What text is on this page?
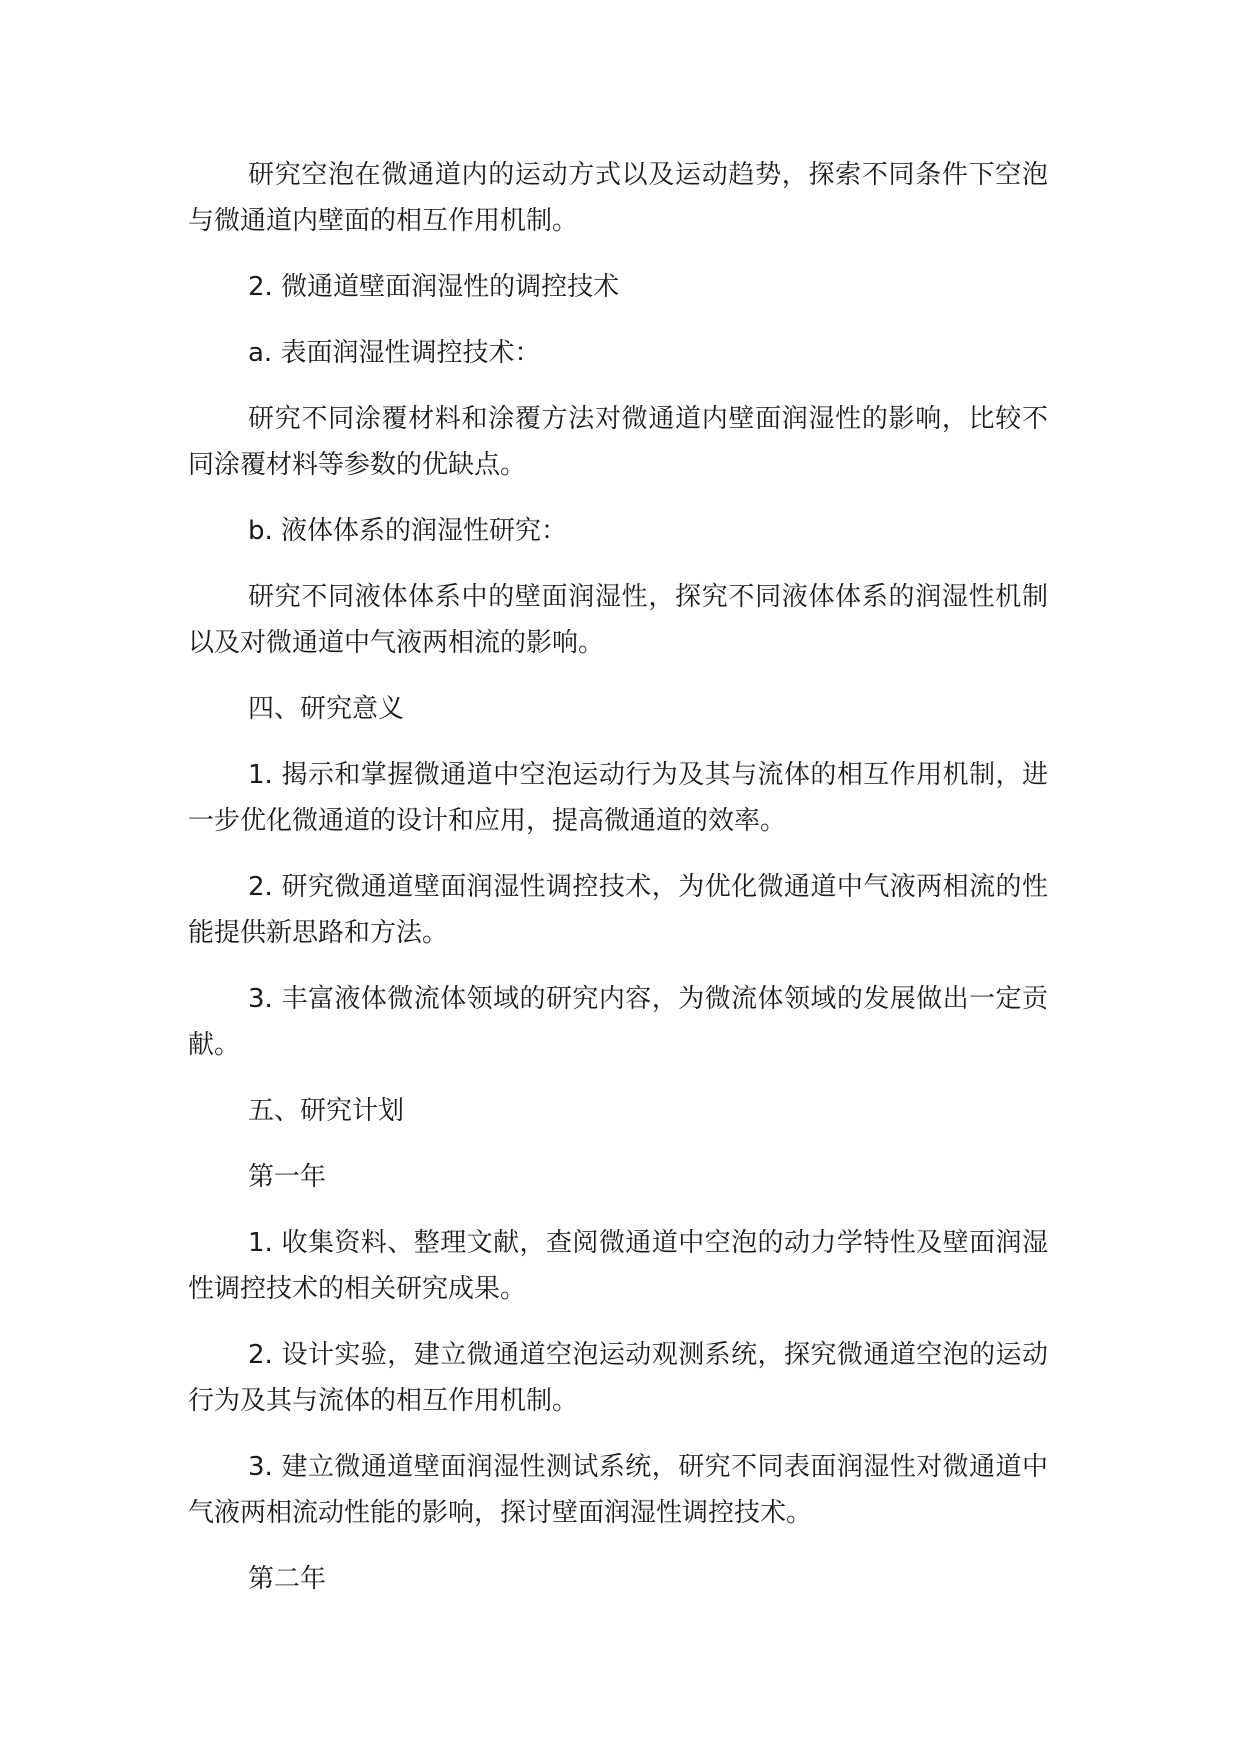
研究空泡在微通道内的运动方式以及运动趋势，探索不同条件下空泡与微通道内壁面的相互作用机制。

2. 微通道壁面润湿性的调控技术

a. 表面润湿性调控技术：

研究不同涂覆材料和涂覆方法对微通道内壁面润湿性的影响，比较不同涂覆材料等参数的优缺点。

b. 液体体系的润湿性研究：

研究不同液体体系中的壁面润湿性，探究不同液体体系的润湿性机制以及对微通道中气液两相流的影响。

四、研究意义

1. 揭示和掌握微通道中空泡运动行为及其与流体的相互作用机制，进一步优化微通道的设计和应用，提高微通道的效率。

2. 研究微通道壁面润湿性调控技术，为优化微通道中气液两相流的性能提供新思路和方法。

3. 丰富液体微流体领域的研究内容，为微流体领域的发展做出一定贡献。

五、研究计划

第一年

1. 收集资料、整理文献，查阅微通道中空泡的动力学特性及壁面润湿性调控技术的相关研究成果。

2. 设计实验，建立微通道空泡运动观测系统，探究微通道空泡的运动行为及其与流体的相互作用机制。

3. 建立微通道壁面润湿性测试系统，研究不同表面润湿性对微通道中气液两相流动性能的影响，探讨壁面润湿性调控技术。

第二年
